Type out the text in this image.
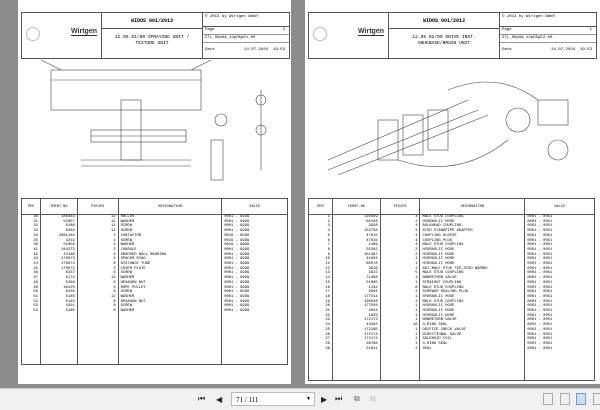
Wirtgen
WIDOS 001/2013
12.05.01/00 SPRAYING UNIT /
TEXTURE UNIT
© 2013 by Wirtgen GmbH
Page	2
ZTL_SDpHA_12pD5pE1-00
Date	24.07.2024 19:53
PES	IDENT-NO	PIECES	DESIGNATION	VALID
30	185684	12	ROLLER	0001 - 9999
31	51857	12	WASHER	0001 - 9999
32	6188	12	SCREW	0001 - 9999
33	6264	12	SCREW	0001 - 9999
34	2061184	2	CONTACTOR	0019 - 9999
35	4219	4	SCREW	0019 - 9999
36	51858	4	WASHER	0019 - 9999
41	184373	2	CONSOLE	0001 - 9999
42	12166	4	GROOVED BALL BEARING	0001 - 9999
43	170873	4	SPACER RING	0001 - 9999
44	170874	6	DISTANCE TUBE	0001 - 9999
45	170872	2	COVER PLATE	0001 - 9999
46	6237	6	SCREW	0001 - 9999
47	5174	12	WASHER	0001 - 9999
48	5268	6	HEXAGON NUT	0001 - 9999
49	48125	2	ROPE PULLEY	0001 - 9999
50	6156	8	SCREW	0001 - 9999
51	5185	12	WASHER	0001 - 9999
52	5163	8	HEXAGON NUT	0001 - 9999
53	4261	8	SCREW	0001 - 9999
54	5185	8	WASHER	0001 - 9999

Wirtgen
WIDOS 001/2013
12.05.02/00 DRIVE-INST.
ABHEBASE/BRUSH UNIT
© 2013 by Wirtgen GmbH
Page	1
ZTL_SDpHA_12pD5pE2-00
Date	24.07.2024 19:53
PES	IDENT-NO	PIECES	DESIGNATION	VALID
1	110349	4	MALE STUD COUPLING	0001 - 0051
2	96158	2	HYDRAULIC HOSE	0001 - 0051
3	3928	4	BULKHEAD COUPLING	0001 - 0051
4	153758	2	STUD STANDPIPE ADAPTER	0001 - 0051
5	47615	4	COUPLING SLEEVE	0001 - 0051
6	47616	4	COUPLING PLUG	0001 - 0051
7	1489	4	MALE STUD COUPLING	0001 - 0051
8	55282	2	HYDRAULIC HOSE	0001 - 0051
9	151487	2	HYDRAULIC HOSE	0001 - 0051
10	41604	1	HYDRAULIC HOSE	0001 - 0051
11	80578	1	HYDRAULIC HOSE	0001 - 0051
12	3919	1	ADJ.MALE STUD TEE-STUD BARREL	0001 - 0051
13	3922	5	MALE STUD COUPLING	0001 - 0051
14	71368	1	NONRETURN VALVE	0001 - 0051
15	51085	1	STRAIGHT COUPLING	0001 - 0051
16	1132	8	MALE STUD COUPLING	0001 - 0051
17	9902	2	SCREWED SEALING PLUG	0001 - 0051
18	177514	1	HYDRAULIC HOSE	0001 - 0051
19	138548	2	MALE STUD COUPLING	0001 - 0051
20	177504	1	HYDRAULIC HOSE	0001 - 0051
21	4043	1	HYDRAULIC HOSE	0001 - 0051
22	1603	1	HYDRAULIC HOSE	0001 - 0051
23	172173	1	NONRETURN VALVE	0001 - 0051
24	43482	16	O-RING SEAL	0001 - 0051
25	172185	1	ORIFICE CHECK VALVE	0001 - 0051
26	172174	1	DIRECTIONAL VALVE	0001 - 0051
27	172174	2	SOLENOID COIL	0001 - 0051
28	38766	1	O-RING SEAL	0001 - 0051
29	21041	2	SEAL	0001 - 0051

⏮ ◀	71 / 111	▼ ▶ ⏭ ⧉ ⧉
